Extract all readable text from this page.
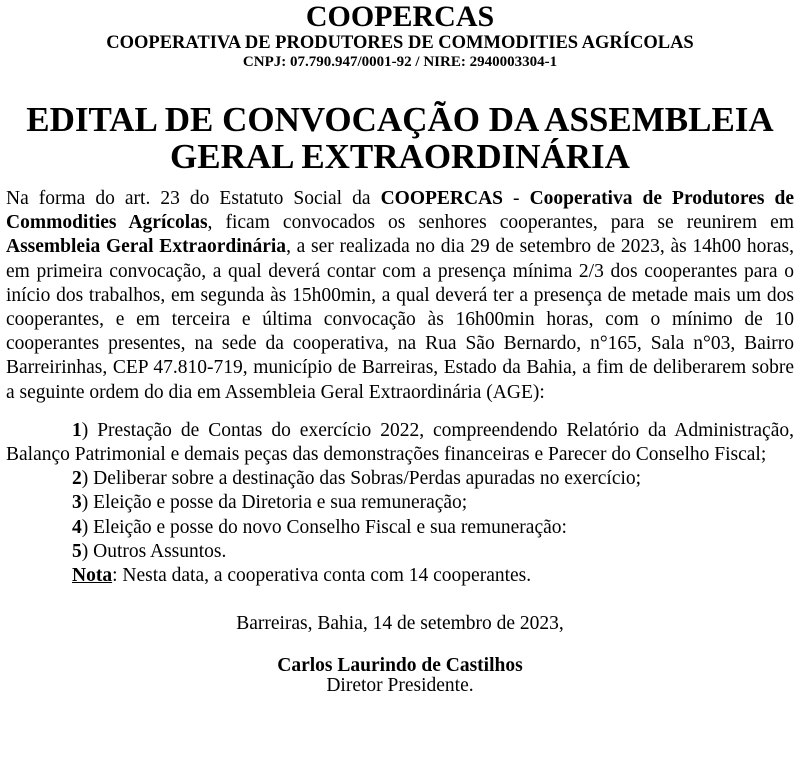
COOPERCAS

COOPERATIVA DE PRODUTORES DE COMMODITIES AGRÍCOLAS

CNPJ: 07.790.947/0001-92 / NIRE: 2940003304-1

EDITAL DE CONVOCAÇÃO DA ASSEMBLEIA
GERAL EXTRAORDINÁRIA

Na forma do art. 23 do Estatuto Social da COOPERCAS - Cooperativa de Produtores de Commodities Agrícolas, ficam convocados os senhores cooperantes, para se reunirem em Assembleia Geral Extraordinária, a ser realizada no dia 29 de setembro de 2023, às 14h00 horas, em primeira convocação, a qual deverá contar com a presença mínima 2/3 dos cooperantes para o início dos trabalhos, em segunda às 15h00min, a qual deverá ter a presença de metade mais um dos cooperantes, e em terceira e última convocação às 16h00min horas, com o mínimo de 10 cooperantes presentes, na sede da cooperativa, na Rua São Bernardo, n°165, Sala n°03, Bairro Barreirinhas, CEP 47.810-719, município de Barreiras, Estado da Bahia, a fim de deliberarem sobre a seguinte ordem do dia em Assembleia Geral Extraordinária (AGE):

1) Prestação de Contas do exercício 2022, compreendendo Relatório da Administração, Balanço Patrimonial e demais peças das demonstrações financeiras e Parecer do Conselho Fiscal;

2) Deliberar sobre a destinação das Sobras/Perdas apuradas no exercício;

3) Eleição e posse da Diretoria e sua remuneração;

4) Eleição e posse do novo Conselho Fiscal e sua remuneração:

5) Outros Assuntos.

Nota: Nesta data, a cooperativa conta com 14 cooperantes.

Barreiras, Bahia, 14 de setembro de 2023,

Carlos Laurindo de Castilhos

Diretor Presidente.
